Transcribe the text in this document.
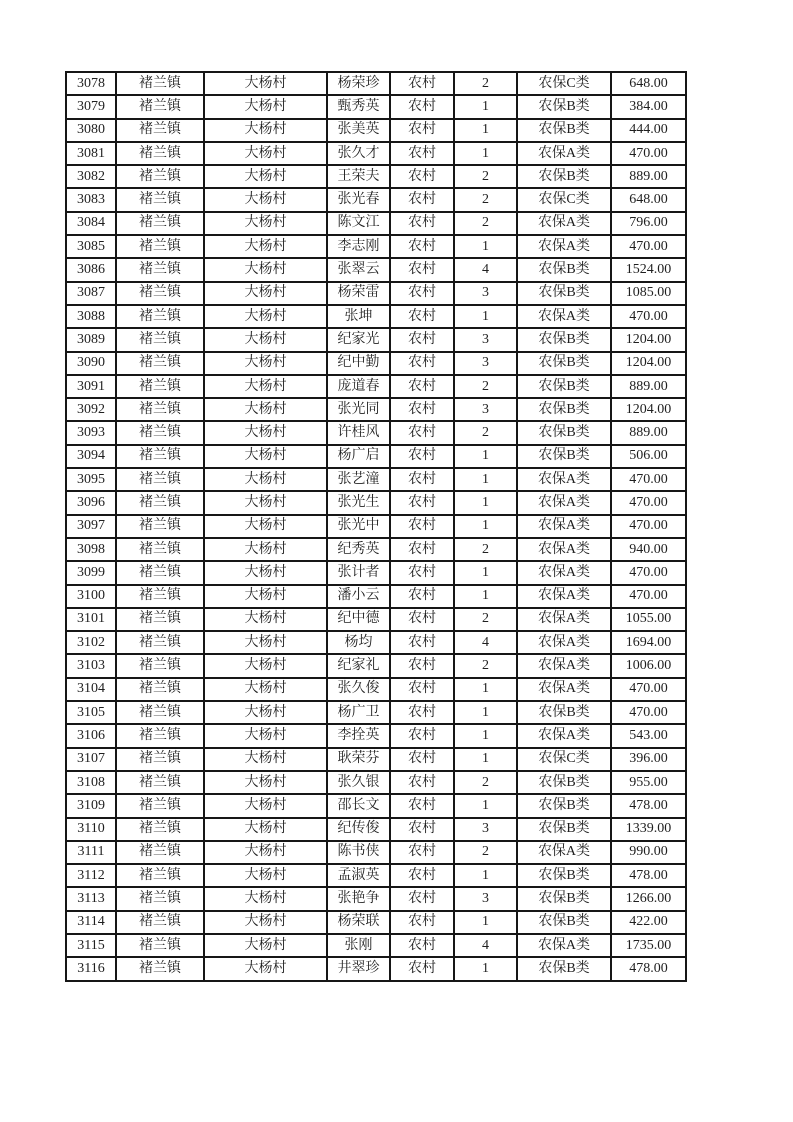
3078	褚兰镇	大杨村	杨荣珍	农村	2	农保C类	648.00
3079	褚兰镇	大杨村	甄秀英	农村	1	农保B类	384.00
3080	褚兰镇	大杨村	张美英	农村	1	农保B类	444.00
3081	褚兰镇	大杨村	张久才	农村	1	农保A类	470.00
3082	褚兰镇	大杨村	王荣夫	农村	2	农保B类	889.00
3083	褚兰镇	大杨村	张光春	农村	2	农保C类	648.00
3084	褚兰镇	大杨村	陈文江	农村	2	农保A类	796.00
3085	褚兰镇	大杨村	李志刚	农村	1	农保A类	470.00
3086	褚兰镇	大杨村	张翠云	农村	4	农保B类	1524.00
3087	褚兰镇	大杨村	杨荣雷	农村	3	农保B类	1085.00
3088	褚兰镇	大杨村	张坤	农村	1	农保A类	470.00
3089	褚兰镇	大杨村	纪家光	农村	3	农保B类	1204.00
3090	褚兰镇	大杨村	纪中勤	农村	3	农保B类	1204.00
3091	褚兰镇	大杨村	庞道春	农村	2	农保B类	889.00
3092	褚兰镇	大杨村	张光同	农村	3	农保B类	1204.00
3093	褚兰镇	大杨村	许桂风	农村	2	农保B类	889.00
3094	褚兰镇	大杨村	杨广启	农村	1	农保B类	506.00
3095	褚兰镇	大杨村	张艺潼	农村	1	农保A类	470.00
3096	褚兰镇	大杨村	张光生	农村	1	农保A类	470.00
3097	褚兰镇	大杨村	张光中	农村	1	农保A类	470.00
3098	褚兰镇	大杨村	纪秀英	农村	2	农保A类	940.00
3099	褚兰镇	大杨村	张计者	农村	1	农保A类	470.00
3100	褚兰镇	大杨村	潘小云	农村	1	农保A类	470.00
3101	褚兰镇	大杨村	纪中德	农村	2	农保A类	1055.00
3102	褚兰镇	大杨村	杨均	农村	4	农保A类	1694.00
3103	褚兰镇	大杨村	纪家礼	农村	2	农保A类	1006.00
3104	褚兰镇	大杨村	张久俊	农村	1	农保A类	470.00
3105	褚兰镇	大杨村	杨广卫	农村	1	农保B类	470.00
3106	褚兰镇	大杨村	李拴英	农村	1	农保A类	543.00
3107	褚兰镇	大杨村	耿荣芬	农村	1	农保C类	396.00
3108	褚兰镇	大杨村	张久银	农村	2	农保B类	955.00
3109	褚兰镇	大杨村	邵长文	农村	1	农保B类	478.00
3110	褚兰镇	大杨村	纪传俊	农村	3	农保B类	1339.00
3111	褚兰镇	大杨村	陈书侠	农村	2	农保A类	990.00
3112	褚兰镇	大杨村	孟淑英	农村	1	农保B类	478.00
3113	褚兰镇	大杨村	张艳争	农村	3	农保B类	1266.00
3114	褚兰镇	大杨村	杨荣联	农村	1	农保B类	422.00
3115	褚兰镇	大杨村	张刚	农村	4	农保A类	1735.00
3116	褚兰镇	大杨村	井翠珍	农村	1	农保B类	478.00
